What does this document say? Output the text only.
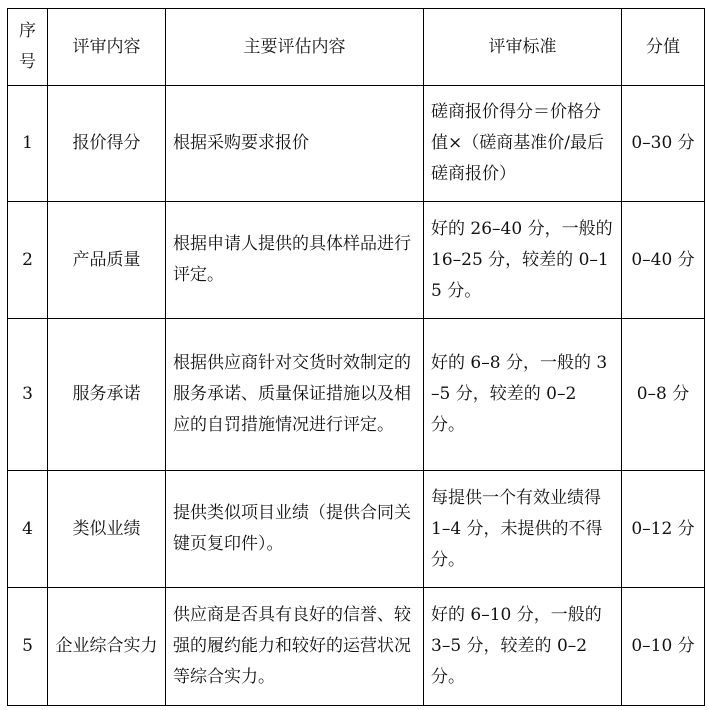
序号	评审内容	主要评估内容	评审标准	分值
1	报价得分	根据采购要求报价	磋商报价得分＝价格分值×（磋商基准价/最后磋商报价）	0–30 分
2	产品质量	根据申请人提供的具体样品进行评定。	好的 26–40 分，一般的 16–25 分，较差的 0–15 分。	0–40 分
3	服务承诺	根据供应商针对交货时效制定的服务承诺、质量保证措施以及相应的自罚措施情况进行评定。	好的 6–8 分，一般的 3–5 分，较差的 0–2 分。	0–8 分
4	类似业绩	提供类似项目业绩（提供合同关键页复印件）。	每提供一个有效业绩得 1–4 分，未提供的不得分。	0–12 分
5	企业综合实力	供应商是否具有良好的信誉、较强的履约能力和较好的运营状况等综合实力。	好的 6–10 分，一般的 3–5 分，较差的 0–2 分。	0–10 分
